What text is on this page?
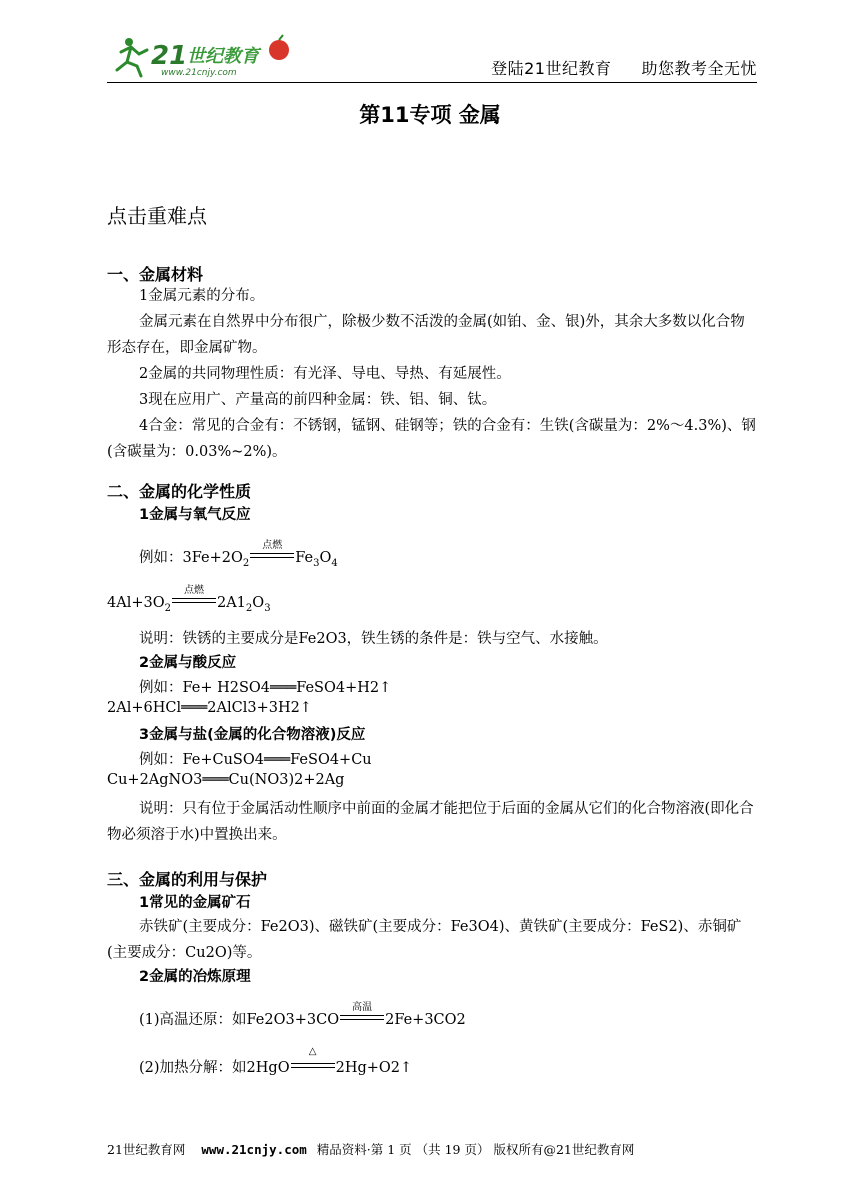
21 世纪教育
www.21cnjy.com	登陆21世纪教育 助您教考全无忧
第11专项 金属
点击重难点
一、金属材料
1金属元素的分布。
金属元素在自然界中分布很广，除极少数不活泼的金属(如铂、金、银)外，其余大多数以化合物形态存在，即金属矿物。
2金属的共同物理性质：有光泽、导电、导热、有延展性。
3现在应用广、产量高的前四种金属：铁、铝、铜、钛。
4合金：常见的合金有：不锈钢，锰钢、硅钢等；铁的合金有：生铁(含碳量为：2%～4.3%)、钢(含碳量为：0.03%~2%)。
二、金属的化学性质
1金属与氧气反应
例如：$3Fe+2O_2$
点燃
$Fe_3O_4$
$4Al+3O_2$
点燃
$2A1_2O_3$
说明：铁锈的主要成分是Fe2O3，铁生锈的条件是：铁与空气、水接触。
2金属与酸反应
例如：Fe+ H2SO4═══FeSO4+H2↑
2Al+6HCl═══2AlCl3+3H2↑
3金属与盐(金属的化合物溶液)反应
例如：Fe+CuSO4═══FeSO4+Cu
Cu+2AgNO3═══Cu(NO3)2+2Ag
说明：只有位于金属活动性顺序中前面的金属才能把位于后面的金属从它们的化合物溶液(即化合物必须溶于水)中置换出来。
三、金属的利用与保护
1常见的金属矿石
赤铁矿(主要成分：Fe2O3)、磁铁矿(主要成分：Fe3O4)、黄铁矿(主要成分：FeS2)、赤铜矿(主要成分：Cu2O)等。
2金属的冶炼原理
(1)高温还原：如Fe2O3+3CO
高温
2Fe+3CO2
(2)加热分解：如2HgO
△
2Hg+O2↑
21世纪教育网 www.21cnjy.com 精品资料·第 1 页 （共 19 页） 版权所有@21世纪教育网
